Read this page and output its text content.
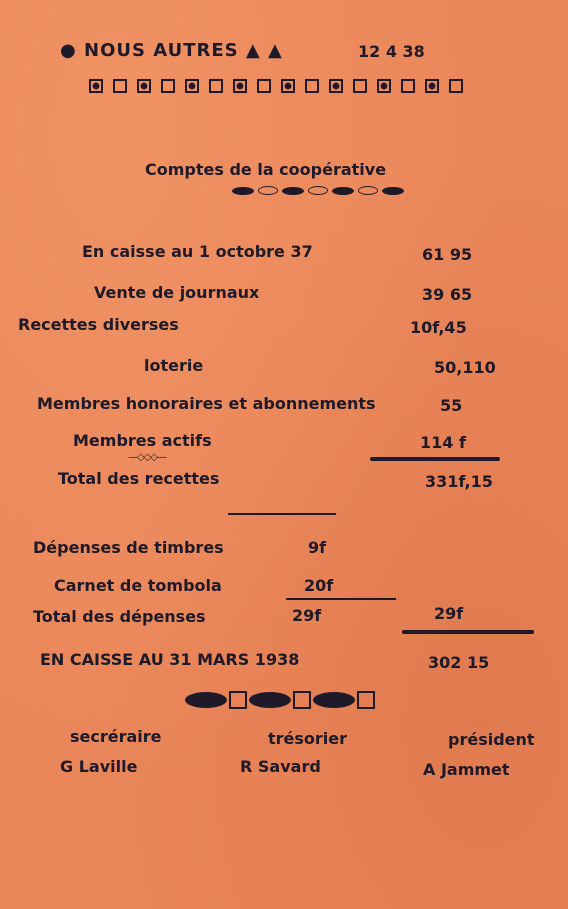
● NOUS AUTRES ▲ ▲	12 4 38
Comptes de la coopérative
En caisse au 1 octobre 37	61 95
Vente de journaux	39 65
Recettes diverses	10f,45
loterie	50,110
Membres honoraires et abonnements	55
Membres actifs	114 f
—◇◇◇—
Total des recettes	331f,15
Dépenses de timbres	9f
Carnet de tombola	20f
Total des dépenses	29f	29f
EN CAISSE AU 31 MARS 1938	302 15
secréraire	trésorier	président
G Laville	R Savard	A Jammet
